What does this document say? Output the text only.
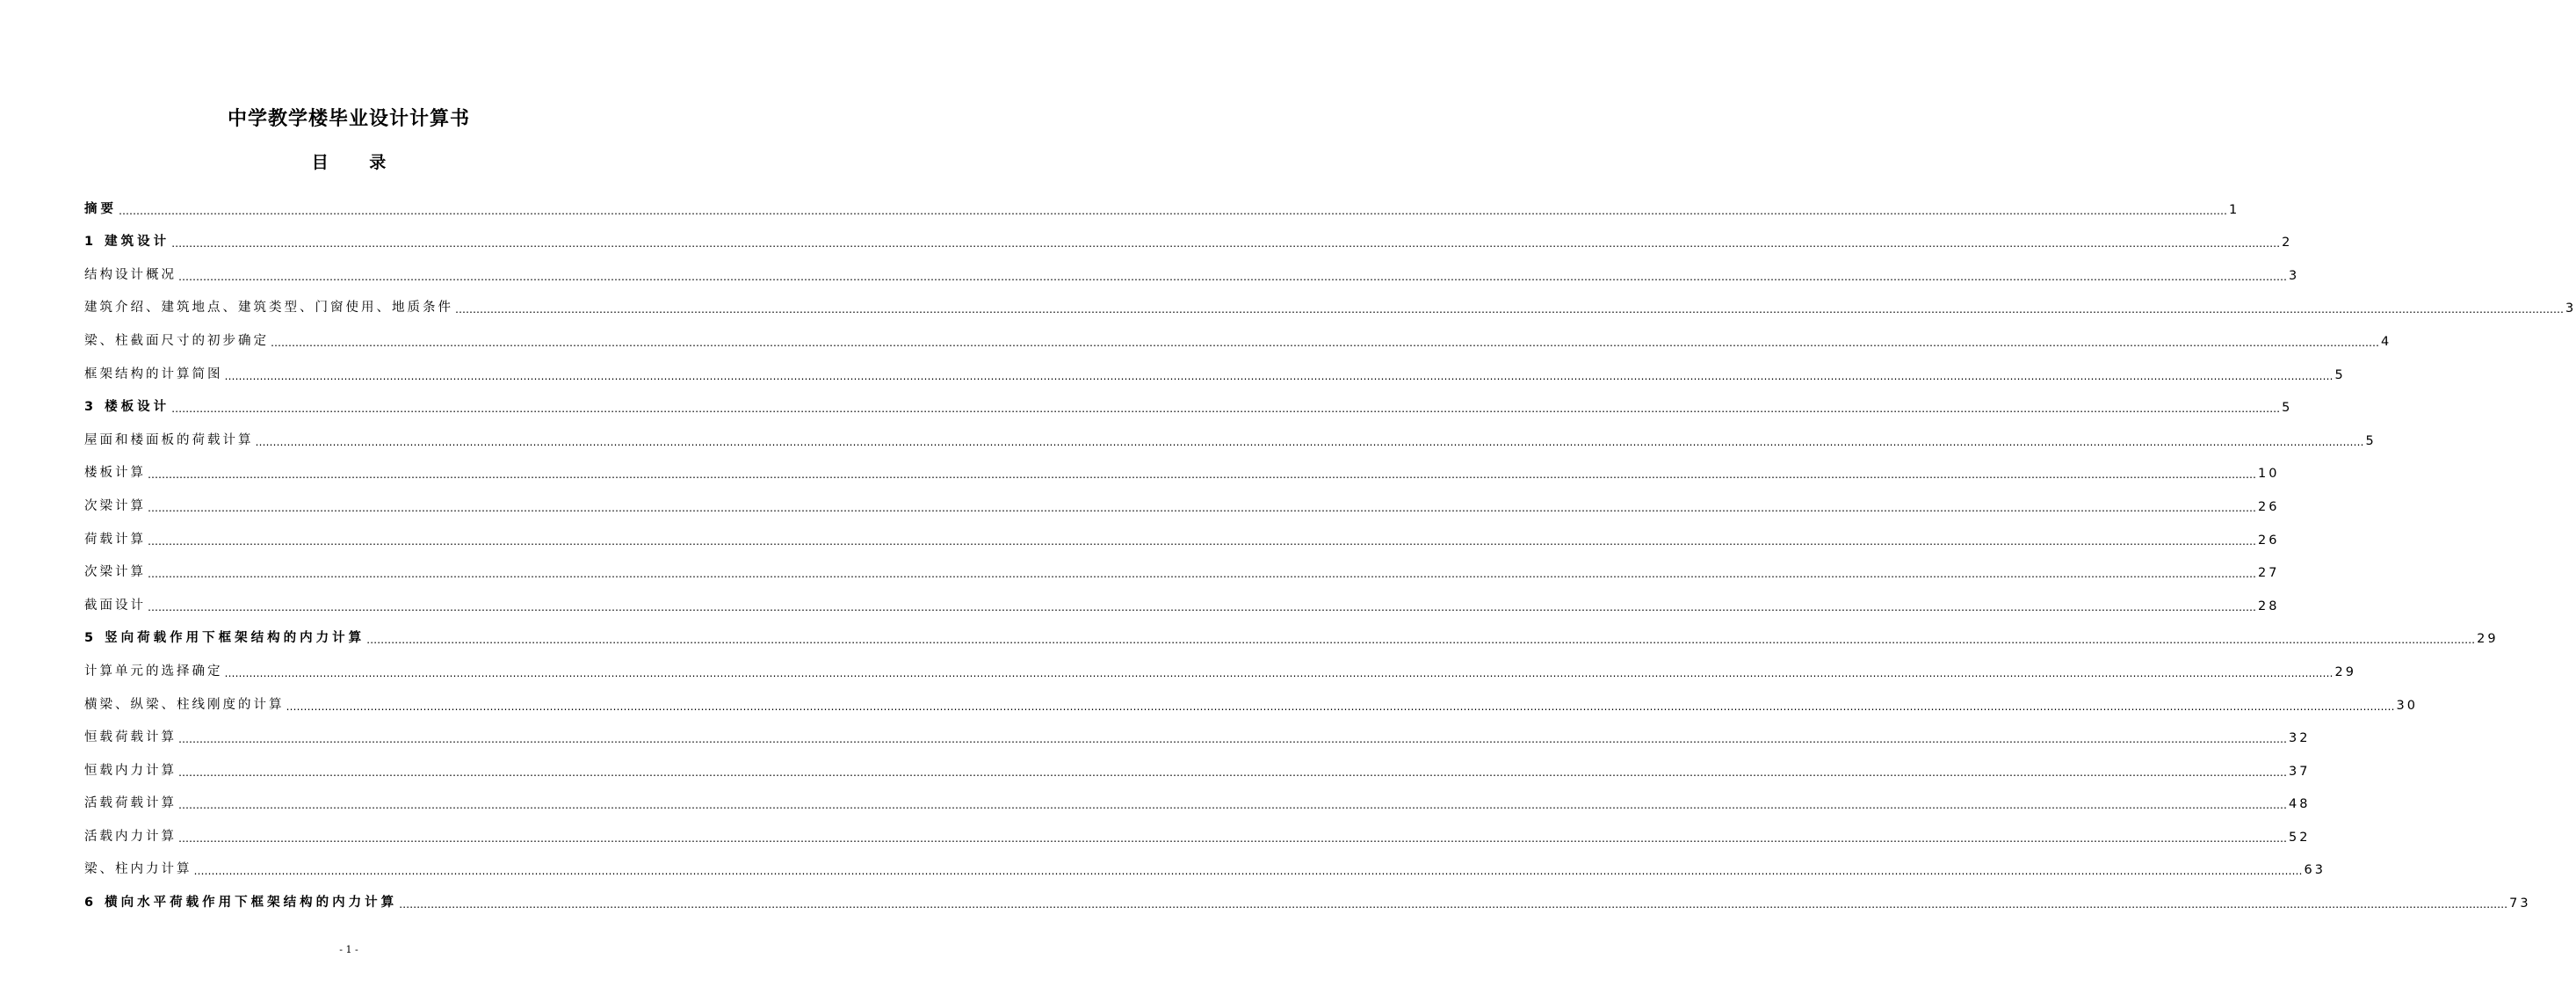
中学教学楼毕业设计计算书
目 录
摘要 …………………………………………………………………………………………………………………………………………………………………………………………………………………………………………………………………………………………………………………………………………………………………………………………………………………………………………………………………………………………………………………………………………………… 1
1 建筑设计 …………………………………………………………………………………………………………………………………………………………………………………………………………………………………………………………………………………………………………………………………………………………………………………………………………………………………………………………………………………………………………………………………………………… 2
结构设计概况 …………………………………………………………………………………………………………………………………………………………………………………………………………………………………………………………………………………………………………………………………………………………………………………………………………………………………………………………………………………………………………………………………………………… 3
建筑介绍、建筑地点、建筑类型、门窗使用、地质条件 …………………………………………………………………………………………………………………………………………………………………………………………………………………………………………………………………………………………………………………………………………………………………………………………………………………………………………………………………………………………………………………………………………………… 3
梁、柱截面尺寸的初步确定 …………………………………………………………………………………………………………………………………………………………………………………………………………………………………………………………………………………………………………………………………………………………………………………………………………………………………………………………………………………………………………………………………………………… 4
框架结构的计算简图 …………………………………………………………………………………………………………………………………………………………………………………………………………………………………………………………………………………………………………………………………………………………………………………………………………………………………………………………………………………………………………………………………………………… 5
3 楼板设计 …………………………………………………………………………………………………………………………………………………………………………………………………………………………………………………………………………………………………………………………………………………………………………………………………………………………………………………………………………………………………………………………………………………… 5
屋面和楼面板的荷载计算 …………………………………………………………………………………………………………………………………………………………………………………………………………………………………………………………………………………………………………………………………………………………………………………………………………………………………………………………………………………………………………………………………………………… 5
楼板计算 …………………………………………………………………………………………………………………………………………………………………………………………………………………………………………………………………………………………………………………………………………………………………………………………………………………………………………………………………………………………………………………………………………………… 10
次梁计算 …………………………………………………………………………………………………………………………………………………………………………………………………………………………………………………………………………………………………………………………………………………………………………………………………………………………………………………………………………………………………………………………………………………… 26
荷载计算 …………………………………………………………………………………………………………………………………………………………………………………………………………………………………………………………………………………………………………………………………………………………………………………………………………………………………………………………………………………………………………………………………………………… 26
次梁计算 …………………………………………………………………………………………………………………………………………………………………………………………………………………………………………………………………………………………………………………………………………………………………………………………………………………………………………………………………………………………………………………………………………………… 27
截面设计 …………………………………………………………………………………………………………………………………………………………………………………………………………………………………………………………………………………………………………………………………………………………………………………………………………………………………………………………………………………………………………………………………………………… 28
5 竖向荷载作用下框架结构的内力计算 …………………………………………………………………………………………………………………………………………………………………………………………………………………………………………………………………………………………………………………………………………………………………………………………………………………………………………………………………………………………………………………………………………………… 29
计算单元的选择确定 …………………………………………………………………………………………………………………………………………………………………………………………………………………………………………………………………………………………………………………………………………………………………………………………………………………………………………………………………………………………………………………………………………………… 29
横梁、纵梁、柱线刚度的计算 …………………………………………………………………………………………………………………………………………………………………………………………………………………………………………………………………………………………………………………………………………………………………………………………………………………………………………………………………………………………………………………………………………………… 30
恒载荷载计算 …………………………………………………………………………………………………………………………………………………………………………………………………………………………………………………………………………………………………………………………………………………………………………………………………………………………………………………………………………………………………………………………………………………… 32
恒载内力计算 …………………………………………………………………………………………………………………………………………………………………………………………………………………………………………………………………………………………………………………………………………………………………………………………………………………………………………………………………………………………………………………………………………………… 37
活载荷载计算 …………………………………………………………………………………………………………………………………………………………………………………………………………………………………………………………………………………………………………………………………………………………………………………………………………………………………………………………………………………………………………………………………………………… 48
活载内力计算 …………………………………………………………………………………………………………………………………………………………………………………………………………………………………………………………………………………………………………………………………………………………………………………………………………………………………………………………………………………………………………………………………………………… 52
梁、柱内力计算 …………………………………………………………………………………………………………………………………………………………………………………………………………………………………………………………………………………………………………………………………………………………………………………………………………………………………………………………………………………………………………………………………………………… 63
6 横向水平荷载作用下框架结构的内力计算 …………………………………………………………………………………………………………………………………………………………………………………………………………………………………………………………………………………………………………………………………………………………………………………………………………………………………………………………………………………………………………………………………………………… 73
- 1 -
